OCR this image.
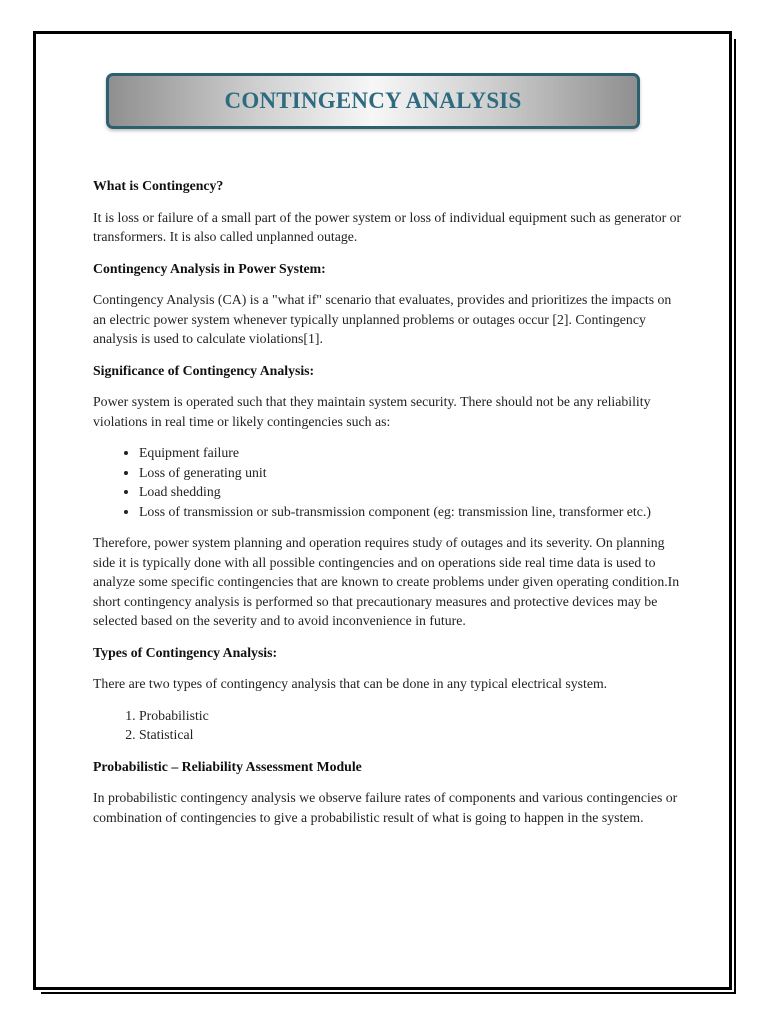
CONTINGENCY ANALYSIS
What is Contingency?
It is loss or failure of a small part of the power system or loss of individual equipment such as generator or transformers. It is also called unplanned outage.
Contingency Analysis in Power System:
Contingency Analysis (CA) is a "what if" scenario that evaluates, provides and prioritizes the impacts on an electric power system whenever typically unplanned problems or outages occur [2]. Contingency analysis is used to calculate violations[1].
Significance of Contingency Analysis:
Power system is operated such that they maintain system security. There should not be any reliability violations in real time or likely contingencies such as:
• Equipment failure
• Loss of generating unit
• Load shedding
• Loss of transmission or sub-transmission component (eg: transmission line, transformer etc.)
Therefore, power system planning and operation requires study of outages and its severity. On planning side it is typically done with all possible contingencies and on operations side real time data is used to analyze some specific contingencies that are known to create problems under given operating condition.In short contingency analysis is performed so that precautionary measures and protective devices may be selected based on the severity and to avoid inconvenience in future.
Types of Contingency Analysis:
There are two types of contingency analysis that can be done in any typical electrical system.
1. Probabilistic
2. Statistical
Probabilistic – Reliability Assessment Module
In probabilistic contingency analysis we observe failure rates of components and various contingencies or combination of contingencies to give a probabilistic result of what is going to happen in the system.
